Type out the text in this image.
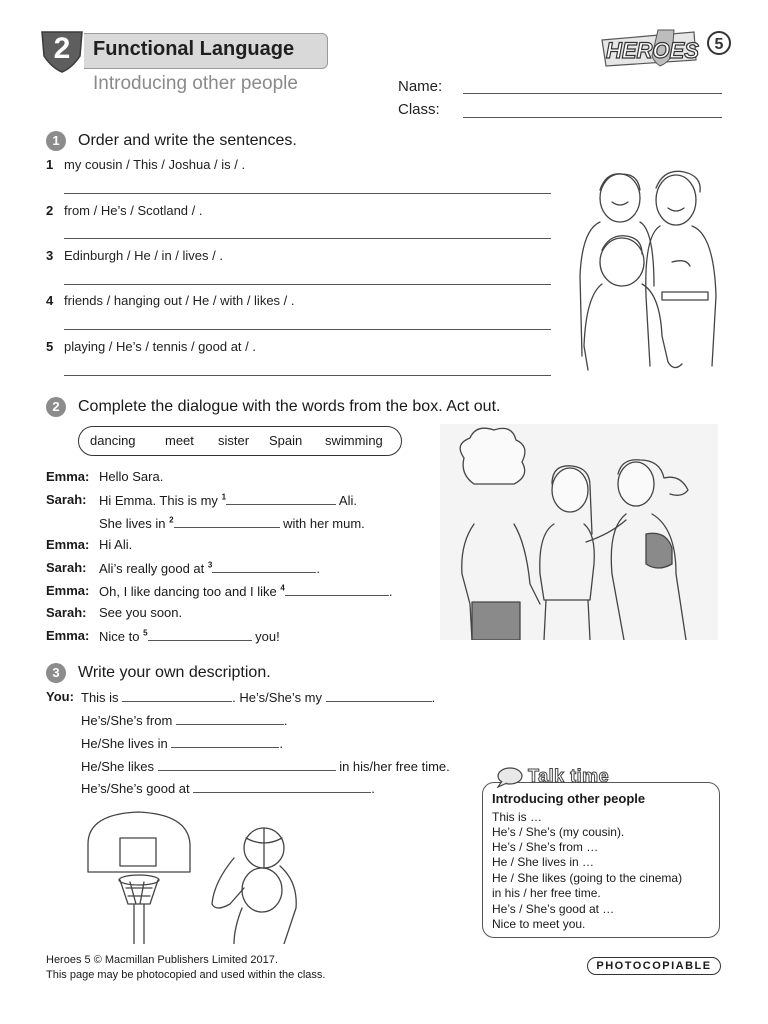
2	Functional Language
Introducing other people
HEROES 5
Name:
Class:
1	Order and write the sentences.
1 my cousin / This / Joshua / is / .
2 from / He’s / Scotland / .
3 Edinburgh / He / in / lives / .
4 friends / hanging out / He / with / likes / .
5 playing / He’s / tennis / good at / .
2	Complete the dialogue with the words from the box. Act out.
dancing meet sister Spain swimming
Emma: Hello Sara.
Sarah: Hi Emma. This is my $^1$	Ali.
She lives in $^2$	with her mum.
Emma: Hi Ali.
Sarah: Ali’s really good at $^3$	.
Emma: Oh, I like dancing too and I like $^4$	.
Sarah: See you soon.
Emma: Nice to $^5$	you!
3	Write your own description.
You: This is	. He’s/She’s my	.
He’s/She’s from	.
He/She lives in	.
He/She likes	in his/her free time.
He’s/She’s good at	.
Talk time
Introducing other people
This is …
He’s / She’s (my cousin).
He’s / She’s from …
He / She lives in …
He / She likes (going to the cinema)
in his / her free time.
He’s / She’s good at …
Nice to meet you.
Heroes 5 © Macmillan Publishers Limited 2017.
This page may be photocopied and used within the class.
PHOTOCOPIABLE
